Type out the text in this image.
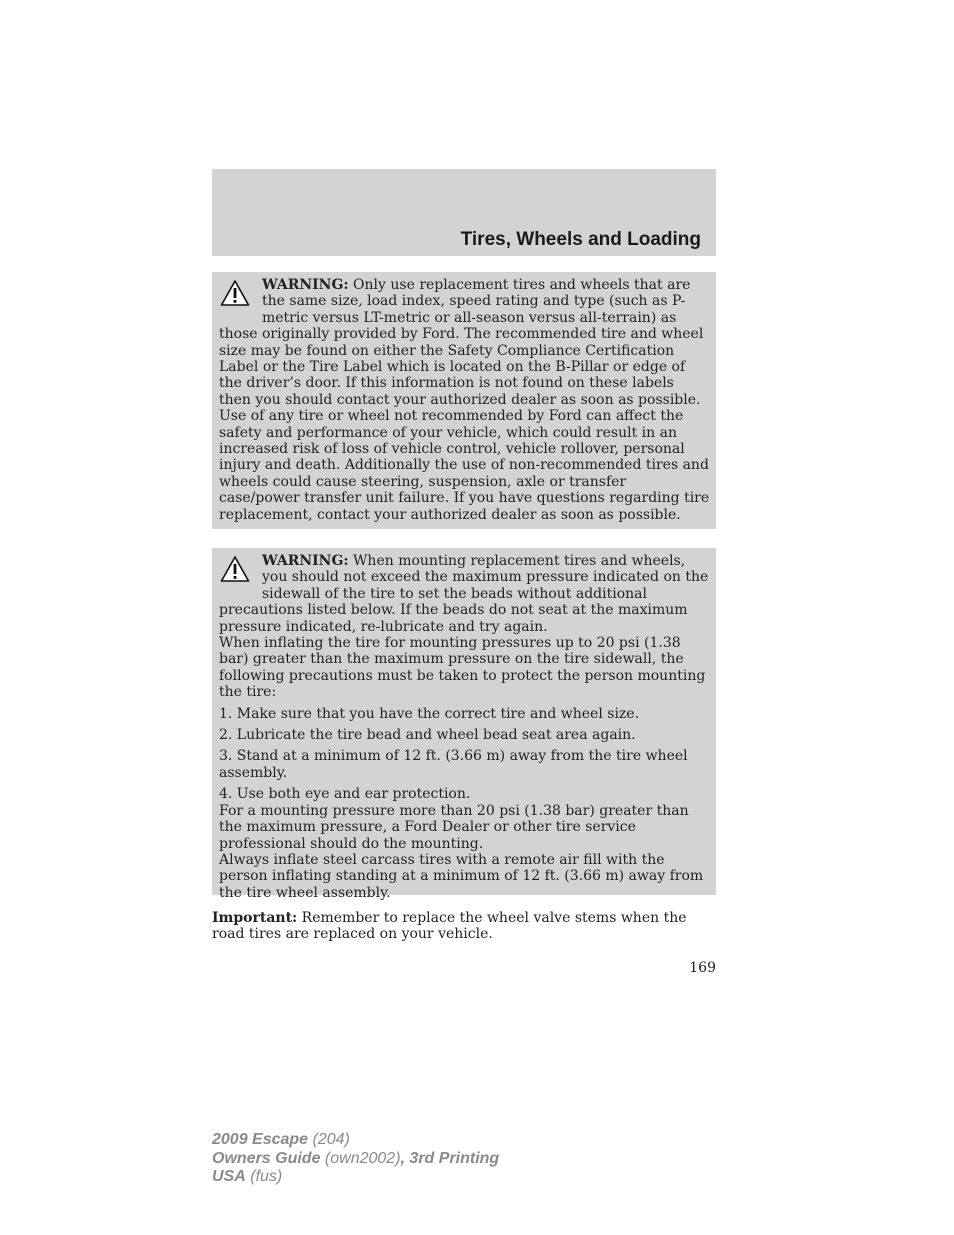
Tires, Wheels and Loading

WARNING: Only use replacement tires and wheels that are the same size, load index, speed rating and type (such as P-metric versus LT-metric or all-season versus all-terrain) as those originally provided by Ford. The recommended tire and wheel size may be found on either the Safety Compliance Certification Label or the Tire Label which is located on the B-Pillar or edge of the driver’s door. If this information is not found on these labels then you should contact your authorized dealer as soon as possible. Use of any tire or wheel not recommended by Ford can affect the safety and performance of your vehicle, which could result in an increased risk of loss of vehicle control, vehicle rollover, personal injury and death. Additionally the use of non-recommended tires and wheels could cause steering, suspension, axle or transfer case/power transfer unit failure. If you have questions regarding tire replacement, contact your authorized dealer as soon as possible.

WARNING: When mounting replacement tires and wheels, you should not exceed the maximum pressure indicated on the sidewall of the tire to set the beads without additional precautions listed below. If the beads do not seat at the maximum pressure indicated, re-lubricate and try again.

When inflating the tire for mounting pressures up to 20 psi (1.38 bar) greater than the maximum pressure on the tire sidewall, the following precautions must be taken to protect the person mounting the tire:

1. Make sure that you have the correct tire and wheel size.

2. Lubricate the tire bead and wheel bead seat area again.

3. Stand at a minimum of 12 ft. (3.66 m) away from the tire wheel assembly.

4. Use both eye and ear protection.

For a mounting pressure more than 20 psi (1.38 bar) greater than the maximum pressure, a Ford Dealer or other tire service professional should do the mounting.

Always inflate steel carcass tires with a remote air fill with the person inflating standing at a minimum of 12 ft. (3.66 m) away from the tire wheel assembly.

Important: Remember to replace the wheel valve stems when the road tires are replaced on your vehicle.

169

2009 Escape (204)
Owners Guide (own2002), 3rd Printing
USA (fus)
